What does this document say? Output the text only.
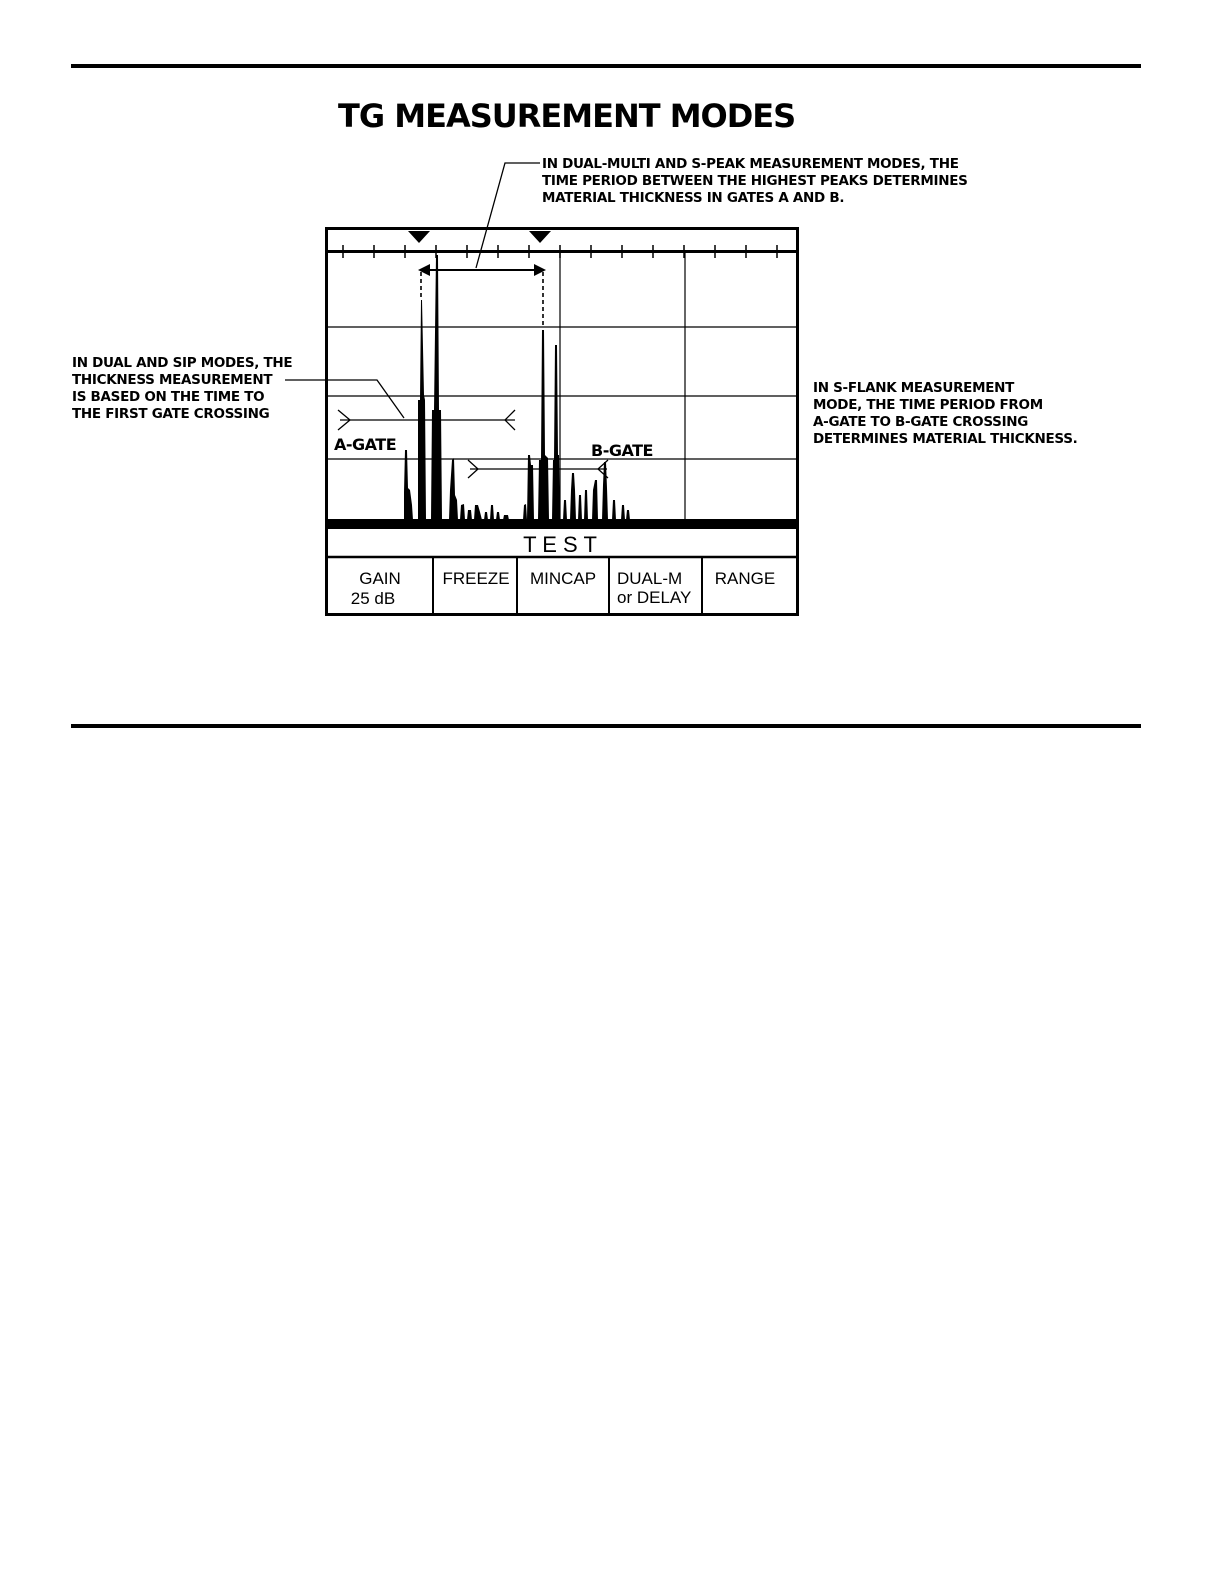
TG MEASUREMENT MODES
IN DUAL-MULTI AND S-PEAK MEASUREMENT MODES, THE
TIME PERIOD BETWEEN THE HIGHEST PEAKS DETERMINES
MATERIAL THICKNESS IN GATES A AND B.
IN DUAL AND SIP MODES, THE
THICKNESS MEASUREMENT
IS BASED ON THE TIME TO
THE FIRST GATE CROSSING
IN S-FLANK MEASUREMENT
MODE, THE TIME PERIOD FROM
A-GATE TO B-GATE CROSSING
DETERMINES MATERIAL THICKNESS.
A-GATE	B-GATE
T E S T
GAIN
25 dB
FREEZE MINCAP DUAL-M
or DELAY
RANGE
